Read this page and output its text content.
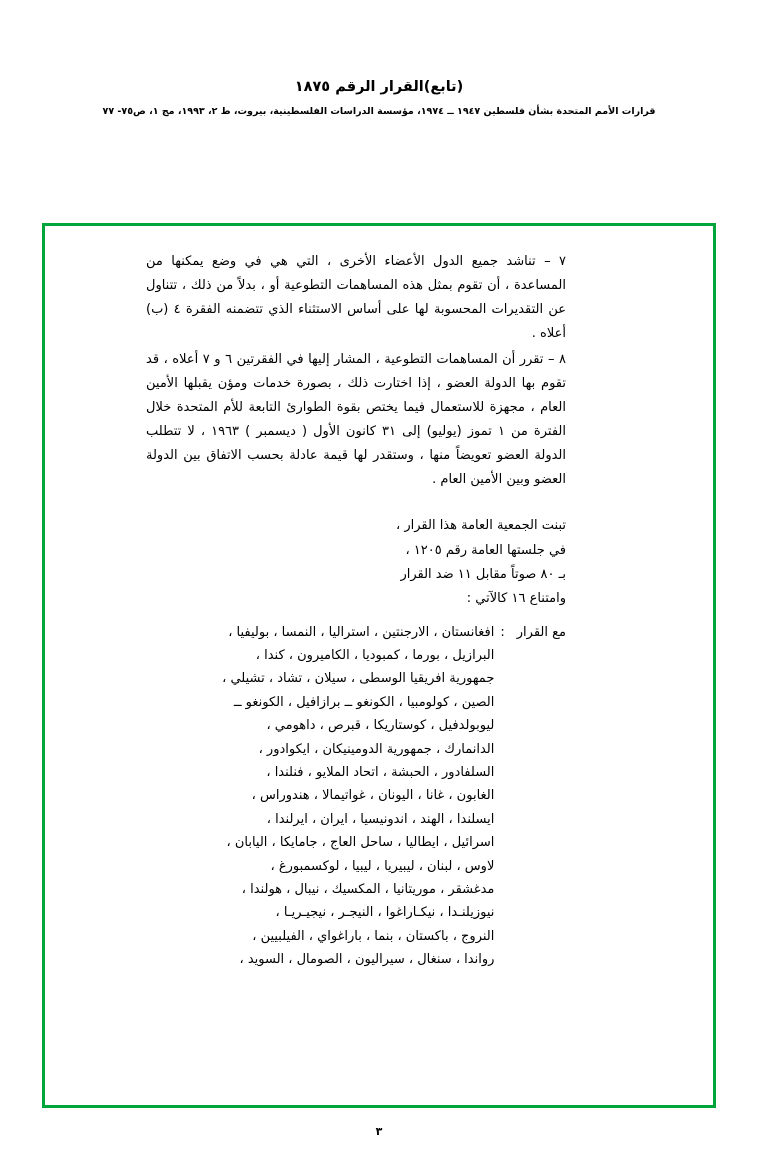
(تابع)القرار الرقم ١٨٧٥
قرارات الأمم المتحدة بشأن فلسطين ١٩٤٧ ــ ١٩٧٤، مؤسسة الدراسات الفلسطينية، بيروت، ط ٢، ١٩٩٣، مج ١، ص٧٥- ٧٧

٧ – تناشد جميع الدول الأعضاء الأخرى ، التي هي في وضع يمكنها من المساعدة ، أن تقوم بمثل هذه المساهمات التطوعية أو ، بدلاً من ذلك ، تتناول عن التقديرات المحسوبة لها على أساس الاستثناء الذي تتضمنه الفقرة ٤ (ب) أعلاه .

٨ – تقرر أن المساهمات التطوعية ، المشار إليها في الفقرتين ٦ و ٧ أعلاه ، قد تقوم بها الدولة العضو ، إذا اختارت ذلك ، بصورة خدمات ومؤن يقبلها الأمين العام ، مجهزة للاستعمال فيما يختص بقوة الطوارئ التابعة للأم المتحدة خلال الفترة من ١ تموز (يوليو) إلى ٣١ كانون الأول ( ديسمبر ) ١٩٦٣ ، لا تتطلب الدولة العضو تعويضاً منها ، وستقدر لها قيمة عادلة بحسب الاتفاق بين الدولة العضو وبين الأمين العام .

تبنت الجمعية العامة هذا القرار ،

في جلستها العامة رقم ١٢٠٥ ،

بـ ٨٠ صوتاً مقابل ١١ ضد القرار

وامتناع ١٦ كالآتي :

مع القرار
:
افغانستان ، الارجنتين ، استراليا ، النمسا ، بوليفيا ،
البرازيل ، بورما ، كمبوديا ، الكاميرون ، كندا ،
جمهورية افريقيا الوسطى ، سيلان ، تشاد ، تشيلي ،
الصين ، كولومبيا ، الكونغو ــ برازافيل ، الكونغو ــ
ليوبولدفيل ، كوستاريكا ، قبرص ، داهومي ،
الدانمارك ، جمهورية الدومينيكان ، ايكوادور ،
السلفادور ، الحبشة ، اتحاد الملايو ، فنلندا ،
الغابون ، غانا ، اليونان ، غواتيمالا ، هندوراس ،
ايسلندا ، الهند ، اندونيسيا ، ايران ، ايرلندا ،
اسرائيل ، ايطاليا ، ساحل العاج ، جامايكا ، اليابان ،
لاوس ، لبنان ، ليبيريا ، ليبيا ، لوكسمبورغ ،
مدغشقر ، موريتانيا ، المكسيك ، نيبال ، هولندا ،
نيوزيلنـدا ، نيكـاراغوا ، النيجـر ، نيجيـريـا ،
النروج ، باكستان ، بنما ، باراغواي ، الفيلبيين ،
رواندا ، سنغال ، سيراليون ، الصومال ، السويد ،
٣
